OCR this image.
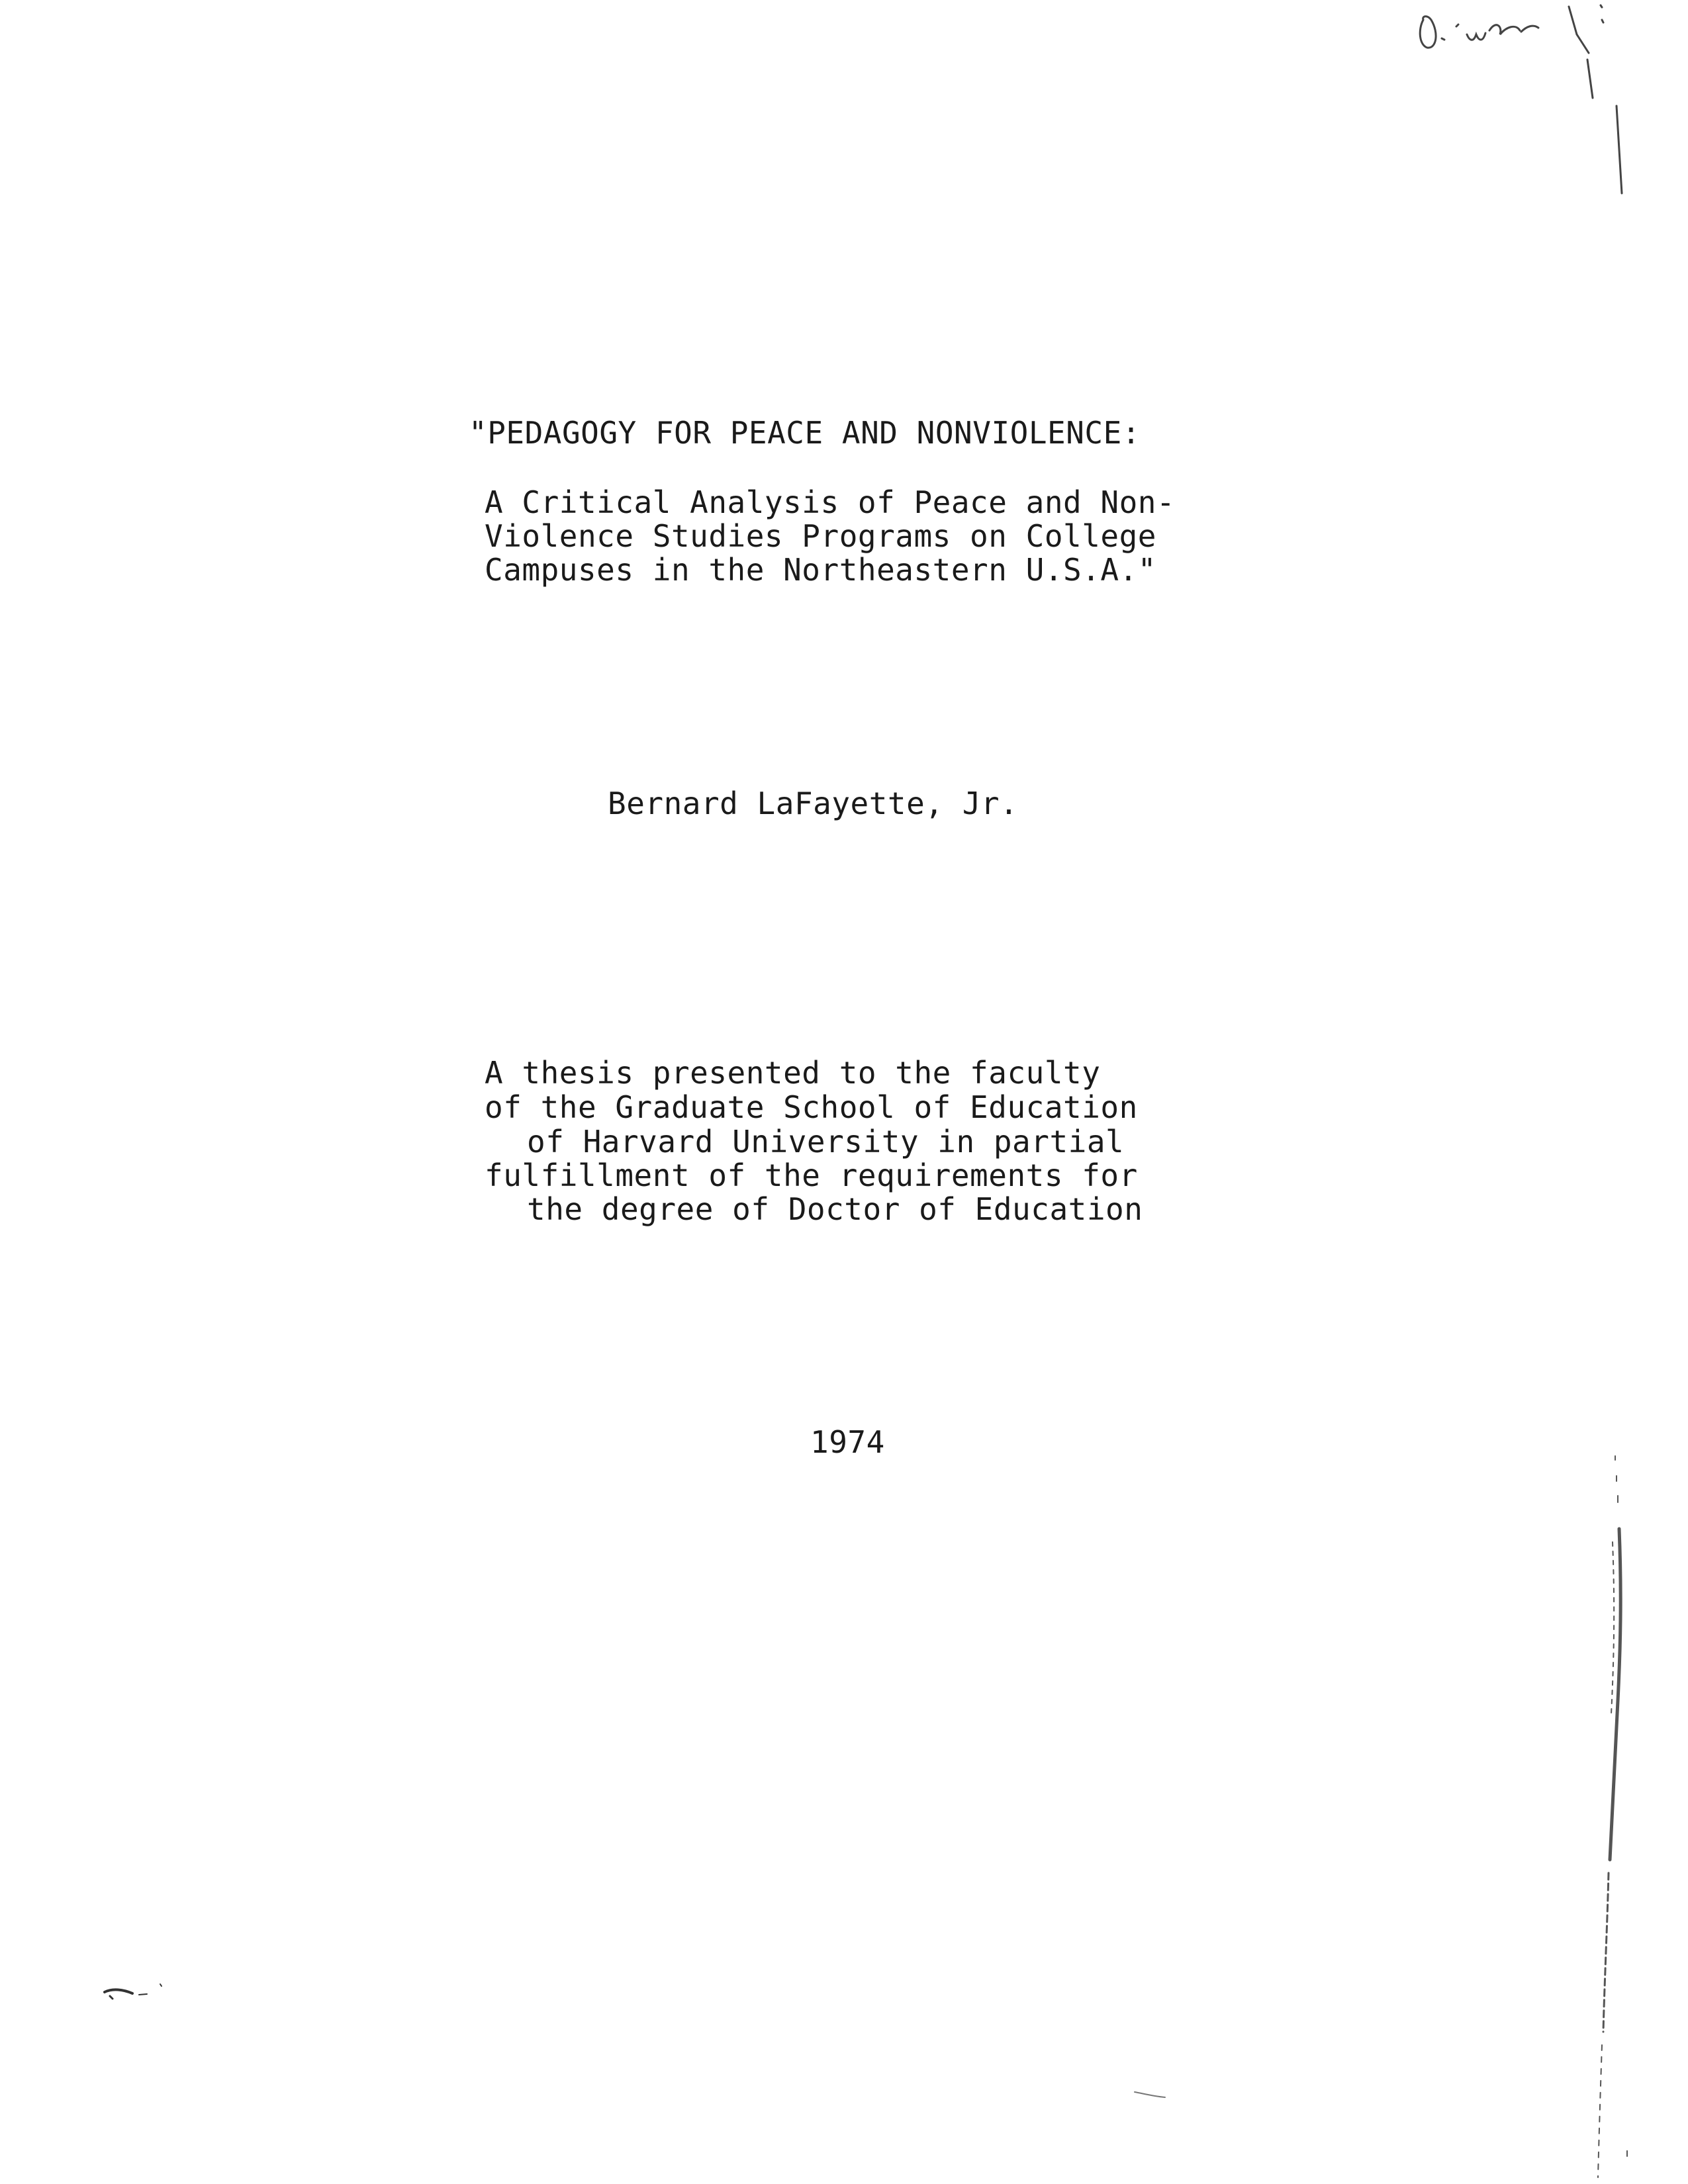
"PEDAGOGY FOR PEACE AND NONVIOLENCE:
A Critical Analysis of Peace and Non-
Violence Studies Programs on College
Campuses in the Northeastern U.S.A."
Bernard LaFayette, Jr.
A thesis presented to the faculty
of the Graduate School of Education
of Harvard University in partial
fulfillment of the requirements for
the degree of Doctor of Education
1974
